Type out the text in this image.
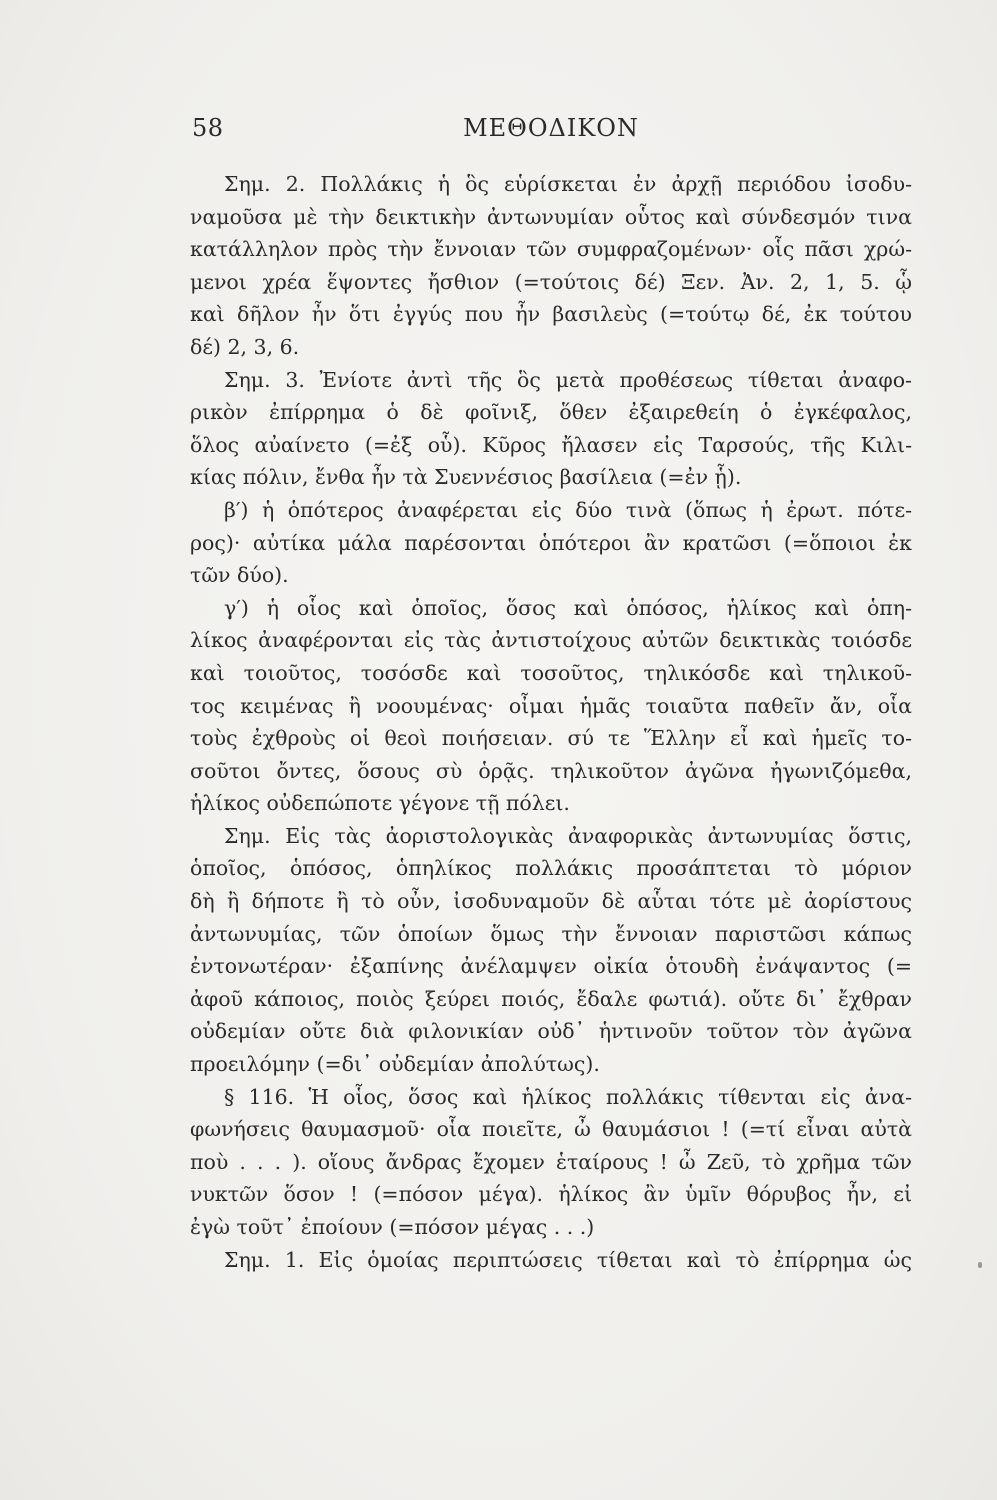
58	ΜΕΘΟΔΙΚΟΝ
Σημ. 2. Πολλάκις ἡ ὃς εὑρίσκεται ἐν ἀρχῇ περιόδου ἰσοδυ-
ναμοῦσα μὲ τὴν δεικτικὴν ἀντωνυμίαν οὗτος καὶ σύνδεσμόν τινα
κατάλληλον πρὸς τὴν ἔννοιαν τῶν συμφραζομένων· οἷς πᾶσι χρώ-
μενοι χρέα ἕψοντες ἤσθιον (=τούτοις δέ) Ξεν. Ἀν. 2, 1, 5. ᾧ
καὶ δῆλον ἦν ὅτι ἐγγύς που ἦν βασιλεὺς (=τούτῳ δέ, ἐκ τούτου
δέ) 2, 3, 6.
Σημ. 3. Ἐνίοτε ἀντὶ τῆς ὃς μετὰ προθέσεως τίθεται ἀναφο-
ρικὸν ἐπίρρημα ὁ δὲ φοῖνιξ, ὅθεν ἐξαιρεθείη ὁ ἐγκέφαλος,
ὅλος αὐαίνετο (=ἐξ οὗ). Κῦρος ἤλασεν εἰς Ταρσούς, τῆς Κιλι-
κίας πόλιν, ἔνθα ἦν τὰ Συεννέσιος βασίλεια (=ἐν ᾗ).
β′) ἡ ὁπότερος ἀναφέρεται εἰς δύο τινὰ (ὅπως ἡ ἐρωτ. πότε-
ρος)· αὐτίκα μάλα παρέσονται ὁπότεροι ἂν κρατῶσι (=ὅποιοι ἐκ
τῶν δύο).
γ′) ἡ οἷος καὶ ὁποῖος, ὅσος καὶ ὁπόσος, ἡλίκος καὶ ὁπη-
λίκος ἀναφέρονται εἰς τὰς ἀντιστοίχους αὐτῶν δεικτικὰς τοιόσδε
καὶ τοιοῦτος, τοσόσδε καὶ τοσοῦτος, τηλικόσδε καὶ τηλικοῦ-
τος κειμένας ἢ νοουμένας· οἶμαι ἡμᾶς τοιαῦτα παθεῖν ἄν, οἷα
τοὺς ἐχθροὺς οἱ θεοὶ ποιήσειαν. σύ τε Ἕλλην εἶ καὶ ἡμεῖς το-
σοῦτοι ὄντες, ὅσους σὺ ὁρᾷς. τηλικοῦτον ἀγῶνα ἠγωνιζόμεθα,
ἡλίκος οὐδεπώποτε γέγονε τῇ πόλει.
Σημ. Εἰς τὰς ἀοριστολογικὰς ἀναφορικὰς ἀντωνυμίας ὅστις,
ὁποῖος, ὁπόσος, ὁπηλίκος πολλάκις προσάπτεται τὸ μόριον
δὴ ἢ δήποτε ἢ τὸ οὖν, ἰσοδυναμοῦν δὲ αὗται τότε μὲ ἀορίστους
ἀντωνυμίας, τῶν ὁποίων ὅμως τὴν ἔννοιαν παριστῶσι κάπως
ἐντονωτέραν· ἐξαπίνης ἀνέλαμψεν οἰκία ὁτουδὴ ἐνάψαντος (=
ἀφοῦ κάποιος, ποιὸς ξεύρει ποιός, ἔδαλε φωτιά). οὔτε δι᾽ ἔχθραν
οὐδεμίαν οὔτε διὰ φιλονικίαν οὐδ᾽ ἡντινοῦν τοῦτον τὸν ἀγῶνα
προειλόμην (=δι᾽ οὐδεμίαν ἀπολύτως).
§ 116. Ἡ οἷος, ὅσος καὶ ἡλίκος πολλάκις τίθενται εἰς ἀνα-
φωνήσεις θαυμασμοῦ· οἷα ποιεῖτε, ὦ θαυμάσιοι ! (=τί εἶναι αὐτὰ
ποὺ . . . ). οἵους ἄνδρας ἔχομεν ἑταίρους ! ὦ Ζεῦ, τὸ χρῆμα τῶν
νυκτῶν ὅσον ! (=πόσον μέγα). ἡλίκος ἂν ὑμῖν θόρυβος ἦν, εἰ
ἐγὼ τοῦτ᾽ ἐποίουν (=πόσον μέγας . . .)
Σημ. 1. Εἰς ὁμοίας περιπτώσεις τίθεται καὶ τὸ ἐπίρρημα ὡς
